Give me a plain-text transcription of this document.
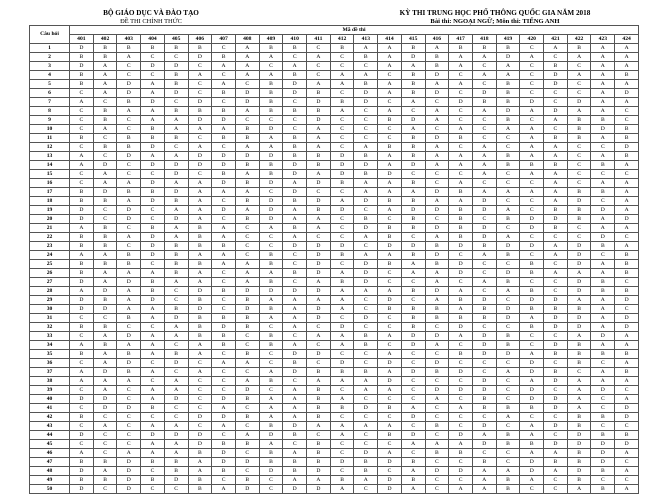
BỘ GIÁO DỤC VÀ ĐÀO TẠO
ĐỀ THI CHÍNH THỨC
KỲ THI TRUNG HỌC PHỔ THÔNG QUỐC GIA NĂM 2018
Bài thi: NGOẠI NGỮ; Môn thi: TIẾNG ANH
Câu hỏi	Mã đề thi																							
	401	402	403	404	405	406	407	408	409	410	411	412	413	414	415	416	417	418	419	420	421	422	423	424
1	D	B	B	B	B	B	C	A	B	B	C	B	A	A	B	A	B	B	B	C	A	B	A	A
2	B	B	A	C	C	D	B	A	A	C	A	C	B	A	D	B	A	A	D	A	C	A	A	A
3	D	A	C	D	D	C	A	A	C	A	C	C	C	A	A	B	A	C	A	C	B	C	A	A
4	B	A	C	C	B	A	C	A	A	B	C	A	A	C	B	D	C	A	A	C	D	A	A	B
5	B	A	D	A	B	C	A	C	B	D	A	A	B	A	B	A	A	C	B	C	D	C	A	A
6	C	A	D	A	D	C	B	D	B	D	B	C	D	A	B	D	C	D	B	C	C	C	A	D
7	A	C	B	D	C	D	C	D	B	C	D	B	D	C	A	C	D	B	B	D	C	D	A	A
8	C	B	A	A	B	B	B	A	B	B	B	A	C	A	C	A	C	A	D	A	D	A	A	C
9	C	B	C	A	A	D	D	C	C	C	D	C	C	B	D	A	C	C	B	C	A	B	B	C
10	C	A	C	B	A	A	A	B	D	C	A	C	C	C	A	C	A	C	A	A	C	B	D	B
11	B	C	B	B	B	C	B	B	A	B	A	C	C	C	B	D	B	C	C	A	B	B	A	B
12	C	B	B	D	C	A	C	A	A	B	A	C	A	B	B	A	C	A	C	A	A	C	C	D
13	A	C	D	A	A	D	D	D	D	B	B	D	B	A	B	A	A	A	B	A	A	C	A	B
14	A	D	C	D	D	D	D	B	B	D	B	D	D	A	D	A	A	A	B	B	B	C	B	A
15	C	A	C	C	D	C	B	A	B	D	A	D	B	D	C	C	C	A	C	A	A	C	C	C
16	C	A	A	D	A	A	D	B	D	A	D	B	A	A	B	C	A	C	C	C	A	C	A	A
17	B	D	B	B	D	A	A	A	C	D	C	C	A	A	A	D	B	A	A	A	A	B	B	A
18	B	B	A	D	B	A	C	B	D	B	D	A	D	B	B	A	A	D	C	C	A	D	C	A
19	D	C	D	C	A	A	D	A	D	A	B	D	C	A	D	D	B	D	A	C	B	B	D	A
20	D	C	D	C	D	A	C	B	D	A	A	C	B	C	B	C	B	C	B	D	D	B	A	D
21	A	B	C	B	A	B	A	C	A	B	A	C	D	B	B	D	B	D	C	D	B	C	A	A
22	B	B	A	D	A	B	A	C	C	A	C	C	A	B	C	A	B	D	A	C	C	C	D	C
23	B	B	C	D	B	B	B	C	C	D	D	D	C	D	D	B	D	B	D	D	A	D	B	A
24	A	A	B	D	B	A	A	C	B	C	D	B	A	A	B	D	C	A	B	C	A	D	C	B
25	B	B	B	C	B	B	A	A	B	C	D	C	D	B	A	B	D	C	C	B	C	D	A	B
26	B	A	A	A	B	A	C	A	A	B	D	A	D	C	A	A	D	C	D	B	A	A	A	B
27	D	A	D	B	A	A	C	A	B	C	A	B	D	C	C	A	C	A	B	C	C	D	B	C
28	A	D	A	B	C	D	B	D	D	D	D	A	A	A	B	D	A	C	A	B	C	D	B	B
29	D	B	A	D	C	B	C	B	A	A	A	A	C	D	C	A	B	D	C	D	D	A	A	D
30	D	D	A	A	B	D	C	D	B	A	D	A	C	B	B	B	A	B	D	B	B	B	A	C
31	C	C	B	A	D	B	B	B	A	A	D	C	D	C	B	B	B	B	D	A	D	D	A	D
32	B	B	C	C	A	B	D	B	C	A	C	D	C	C	B	C	D	C	C	B	D	D	A	D
33	C	A	D	A	A	B	B	C	B	C	A	A	B	A	D	D	A	D	B	C	C	A	D	A
34	A	B	A	A	C	A	B	C	B	A	C	A	B	C	D	A	C	D	B	C	D	B	A	A
35	B	A	B	A	B	A	C	B	C	D	D	C	C	A	C	C	B	D	D	A	B	B	B	B
36	C	A	D	C	D	C	A	A	C	B	C	D	C	D	C	D	C	C	C	D	C	B	C	A
37	A	D	B	A	C	A	C	C	A	D	B	B	B	A	D	B	D	C	A	D	B	C	A	B
38	A	A	A	C	A	C	C	A	B	C	A	A	A	D	C	C	C	D	C	A	D	A	A	A
39	C	A	C	A	A	C	C	D	C	A	B	C	A	A	C	D	D	D	C	D	C	A	D	C
40	D	D	C	A	D	C	D	B	A	A	B	A	C	C	C	A	C	B	C	D	D	A	C	A
41	C	D	D	B	C	C	A	C	A	A	B	B	D	B	A	C	A	B	B	B	D	A	C	D
42	B	C	C	C	C	D	D	B	A	A	B	C	C	C	D	C	C	C	A	C	C	B	B	D
43	C	A	C	A	A	C	A	C	B	D	A	A	A	A	C	B	C	D	C	A	D	B	C	C
44	D	C	C	D	D	D	C	A	D	B	C	A	C	B	D	C	D	A	B	A	C	D	B	B
45	C	C	C	A	A	D	B	B	A	C	B	C	C	C	A	A	A	D	B	B	D	D	D	D
46	A	C	A	A	A	B	D	C	B	A	B	C	D	A	C	B	B	C	C	A	A	B	D	A
47	B	B	D	B	B	A	D	D	B	B	B	D	B	D	B	C	C	B	C	D	B	B	D	C
48	D	A	D	C	B	A	B	C	D	B	D	C	B	C	A	D	D	A	A	D	A	D	B	A
49	B	B	D	B	D	B	C	B	C	A	A	B	A	D	B	C	C	A	B	A	C	B	C	C
50	D	C	D	C	C	B	A	D	C	D	D	A	C	D	A	C	A	A	B	C	C	A	B	A
